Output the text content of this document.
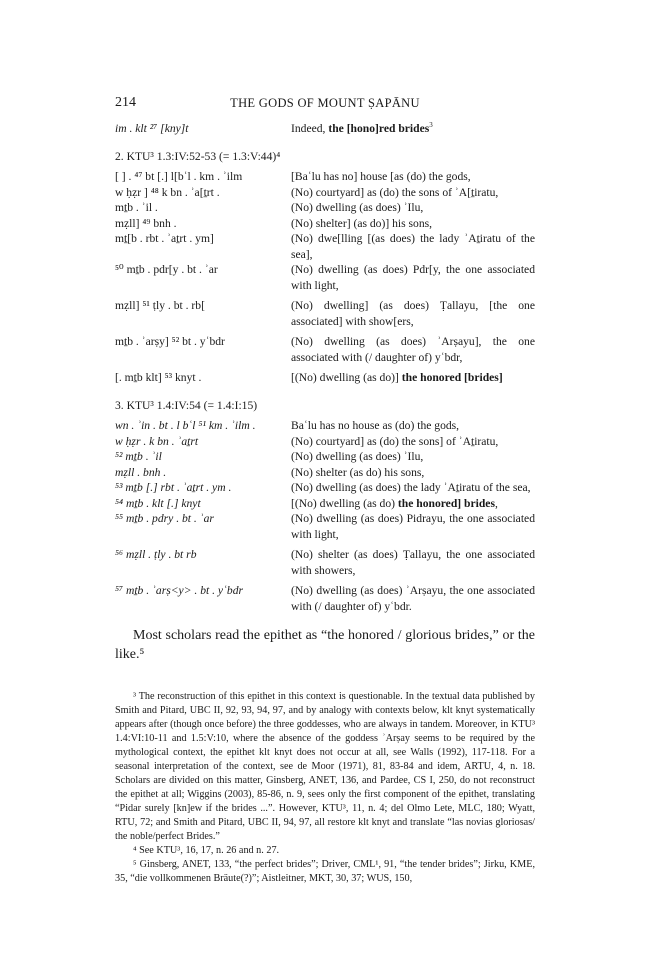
214	THE GODS OF MOUNT ṢAPĀNU
im . klt ²⁷ [kny]t	Indeed, the [hono]red brides$^3$
2. KTU³ 1.3:IV:52-53 (= 1.3:V:44)⁴
[ ] . ⁴⁷ bt [.] l[bʿl . km . ʾilm	[Baʿlu has no] house [as (do) the gods,
w ḥẓr ] ⁴⁸ k bn . ʾa[ṯrt .	(No) courtyard] as (do) the sons of ʾA[ṯiratu,
mṯb . ʾil .	(No) dwelling (as does) ʾIlu,
mẓll] ⁴⁹ bnh .	(No) shelter] (as do)] his sons,
mṯ[b . rbt . ʾaṯrt . ym]	(No) dwe[lling [(as does) the lady ʾAṯiratu of the sea],
⁵⁰ mṯb . pdr[y . bt . ʾar	(No) dwelling (as does) Pdr[y, the one associated with light,
mẓll] ⁵¹ ṭly . bt . rb[	(No) dwelling] (as does) Ṭallayu, [the one associated] with show[ers,
mṯb . ʾarṣy] ⁵² bt . yʿbdr	(No) dwelling (as does) ʾArṣayu], the one associated with (/ daughter of) yʿbdr,
[. mṯb klt] ⁵³ knyt .	[(No) dwelling (as do)] the honored [brides]
3. KTU³ 1.4:IV:54 (= 1.4:I:15)
wn . ʾin . bt . l bʿl ⁵¹ km . ʾilm .	Baʿlu has no house as (do) the gods,
w ḥẓr . k bn . ʾaṯrt	(No) courtyard] as (do) the sons] of ʾAṯiratu,
⁵² mṯb . ʾil	(No) dwelling (as does) ʾIlu,
mẓll . bnh .	(No) shelter (as do) his sons,
⁵³ mṯb [.] rbt . ʾaṯrt . ym .	(No) dwelling (as does) the lady ʾAṯiratu of the sea,
⁵⁴ mṯb . klt [.] knyt	[(No) dwelling (as do) the honored] brides,
⁵⁵ mṯb . pdry . bt . ʾar	(No) dwelling (as does) Pidrayu, the one associated with light,
⁵⁶ mẓll . ṭly . bt rb	(No) shelter (as does) Ṭallayu, the one associated with showers,
⁵⁷ mṯb . ʾarṣ<y> . bt . yʿbdr	(No) dwelling (as does) ʾArṣayu, the one associated with (/ daughter of) yʿbdr.
Most scholars read the epithet as “the honored / glorious brides,” or the like.⁵

³ The reconstruction of this epithet in this context is questionable. In the textual data published by Smith and Pitard, UBC II, 92, 93, 94, 97, and by analogy with contexts below, klt knyt systematically appears after (though once before) the three goddesses, who are always in tandem. Moreover, in KTU³ 1.4:VI:10-11 and 1.5:V:10, where the absence of the goddess ʾArṣay seems to be required by the mythological context, the epithet klt knyt does not occur at all, see Walls (1992), 117-118. For a seasonal interpretation of the context, see de Moor (1971), 81, 83-84 and idem, ARTU, 4, n. 18. Scholars are divided on this matter, Ginsberg, ANET, 136, and Pardee, CS I, 250, do not reconstruct the epithet at all; Wiggins (2003), 85-86, n. 9, sees only the first component of the epithet, translating “Pidar surely [kn]ew if the brides ...”. However, KTU³, 11, n. 4; del Olmo Lete, MLC, 180; Wyatt, RTU, 72; and Smith and Pitard, UBC II, 94, 97, all restore klt knyt and translate “las novias gloriosas/ the noble/perfect Brides.”

⁴ See KTU³, 16, 17, n. 26 and n. 27.

⁵ Ginsberg, ANET, 133, “the perfect brides”; Driver, CML¹, 91, “the tender brides”; Jirku, KME, 35, “die vollkommenen Bräute(?)”; Aistleitner, MKT, 30, 37; WUS, 150,
